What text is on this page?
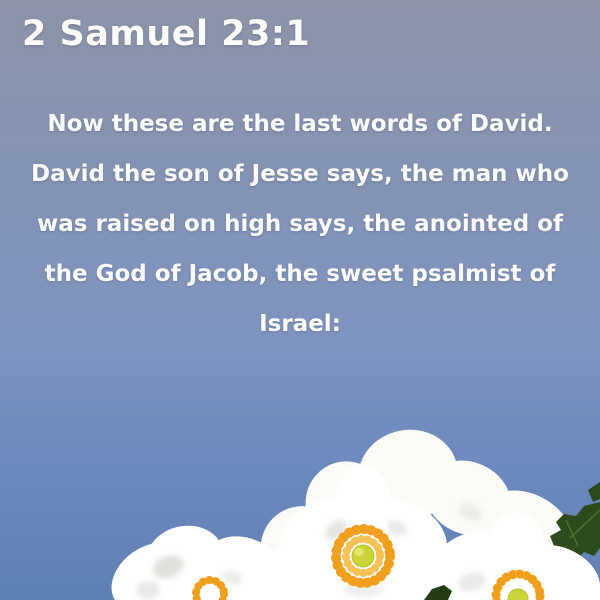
2 Samuel 23:1
Now these are the last words of David.
David the son of Jesse says, the man who
was raised on high says, the anointed of
the God of Jacob, the sweet psalmist of
Israel:
